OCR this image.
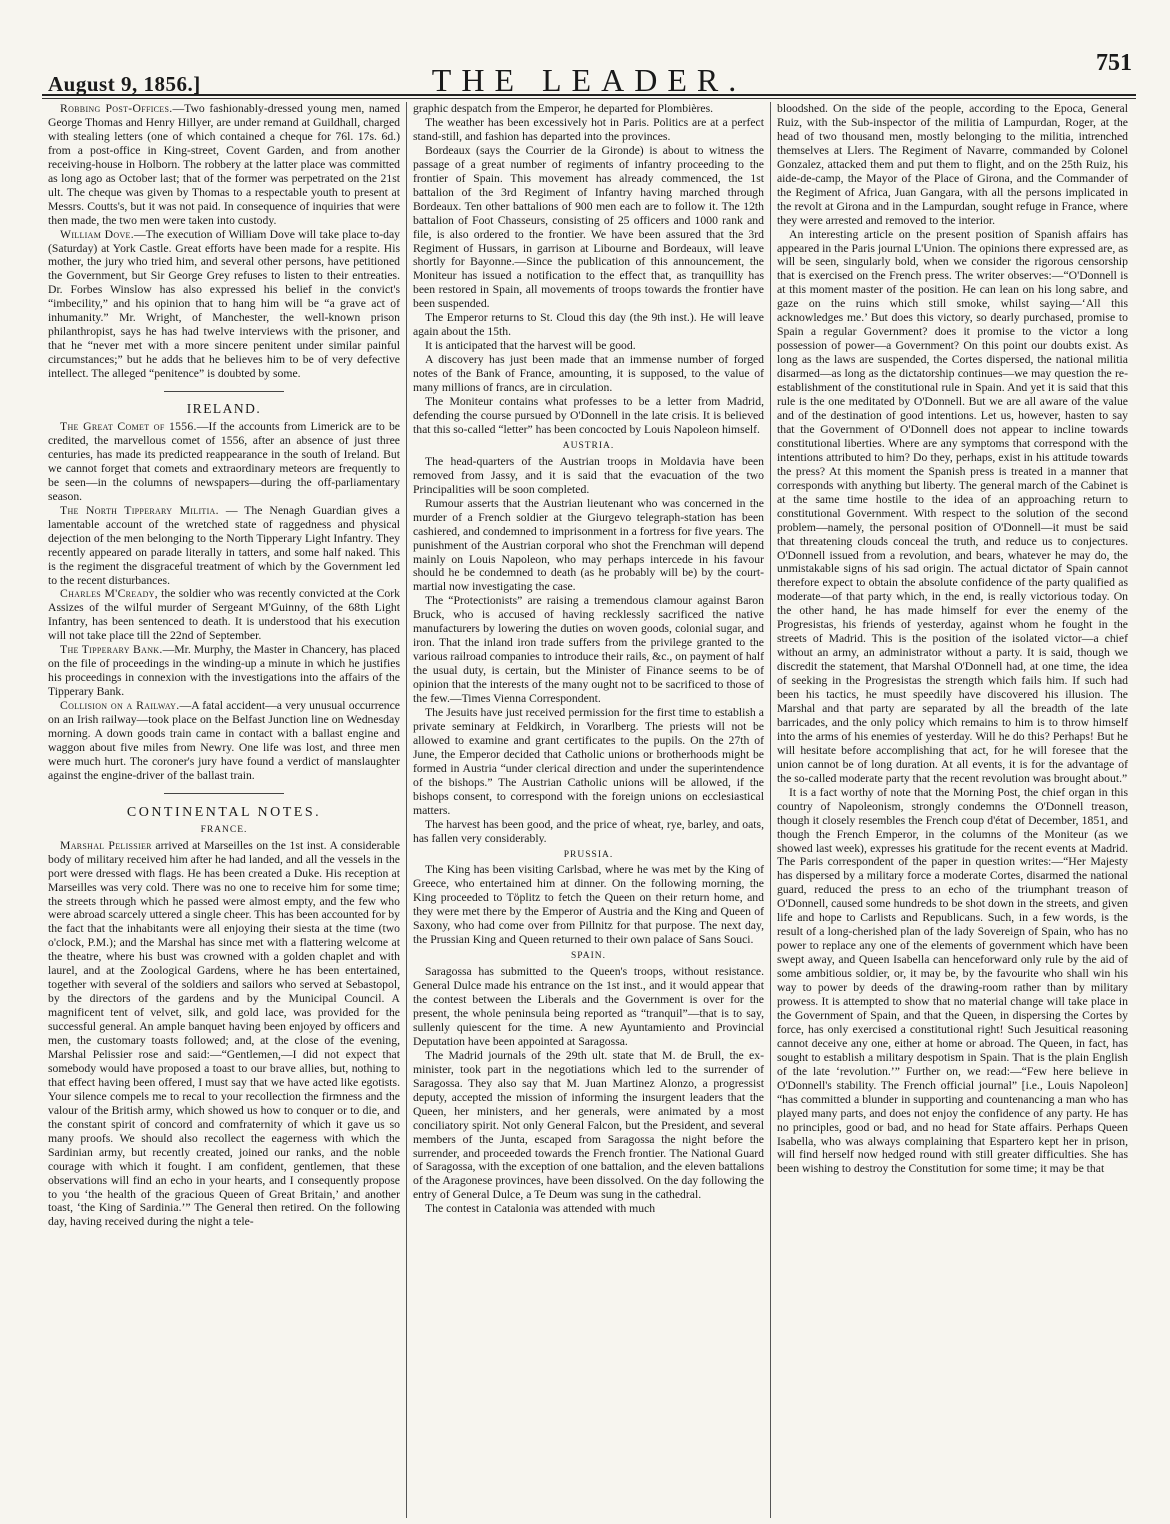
August 9, 1856.]	THE LEADER.	751

Robbing Post-Offices.—Two fashionably-dressed young men, named George Thomas and Henry Hillyer, are under remand at Guildhall, charged with stealing letters (one of which contained a cheque for 76l. 17s. 6d.) from a post-office in King-street, Covent Garden, and from another receiving-house in Holborn. The robbery at the latter place was committed as long ago as October last; that of the former was perpetrated on the 21st ult. The cheque was given by Thomas to a respectable youth to present at Messrs. Coutts's, but it was not paid. In consequence of inquiries that were then made, the two men were taken into custody.

William Dove.—The execution of William Dove will take place to-day (Saturday) at York Castle. Great efforts have been made for a respite. His mother, the jury who tried him, and several other persons, have petitioned the Government, but Sir George Grey refuses to listen to their entreaties. Dr. Forbes Winslow has also expressed his belief in the convict's “imbecility,” and his opinion that to hang him will be “a grave act of inhumanity.” Mr. Wright, of Manchester, the well-known prison philanthropist, says he has had twelve interviews with the prisoner, and that he “never met with a more sincere penitent under similar painful circumstances;” but he adds that he believes him to be of very defective intellect. The alleged “penitence” is doubted by some.

IRELAND.

The Great Comet of 1556.—If the accounts from Limerick are to be credited, the marvellous comet of 1556, after an absence of just three centuries, has made its predicted reappearance in the south of Ireland. But we cannot forget that comets and extraordinary meteors are frequently to be seen—in the columns of newspapers—during the off-parliamentary season.

The North Tipperary Militia. — The Nenagh Guardian gives a lamentable account of the wretched state of raggedness and physical dejection of the men belonging to the North Tipperary Light Infantry. They recently appeared on parade literally in tatters, and some half naked. This is the regiment the disgraceful treatment of which by the Government led to the recent disturbances.

Charles M'Cready, the soldier who was recently convicted at the Cork Assizes of the wilful murder of Sergeant M'Guinny, of the 68th Light Infantry, has been sentenced to death. It is understood that his execution will not take place till the 22nd of September.

The Tipperary Bank.—Mr. Murphy, the Master in Chancery, has placed on the file of proceedings in the winding-up a minute in which he justifies his proceedings in connexion with the investigations into the affairs of the Tipperary Bank.

Collision on a Railway.—A fatal accident—a very unusual occurrence on an Irish railway—took place on the Belfast Junction line on Wednesday morning. A down goods train came in contact with a ballast engine and waggon about five miles from Newry. One life was lost, and three men were much hurt. The coroner's jury have found a verdict of manslaughter against the engine-driver of the ballast train.

CONTINENTAL NOTES.

FRANCE.

Marshal Pelissier arrived at Marseilles on the 1st inst. A considerable body of military received him after he had landed, and all the vessels in the port were dressed with flags. He has been created a Duke. His reception at Marseilles was very cold. There was no one to receive him for some time; the streets through which he passed were almost empty, and the few who were abroad scarcely uttered a single cheer. This has been accounted for by the fact that the inhabitants were all enjoying their siesta at the time (two o'clock, P.M.); and the Marshal has since met with a flattering welcome at the theatre, where his bust was crowned with a golden chaplet and with laurel, and at the Zoological Gardens, where he has been entertained, together with several of the soldiers and sailors who served at Sebastopol, by the directors of the gardens and by the Municipal Council. A magnificent tent of velvet, silk, and gold lace, was provided for the successful general. An ample banquet having been enjoyed by officers and men, the customary toasts followed; and, at the close of the evening, Marshal Pelissier rose and said:—“Gentlemen,—I did not expect that somebody would have proposed a toast to our brave allies, but, nothing to that effect having been offered, I must say that we have acted like egotists. Your silence compels me to recal to your recollection the firmness and the valour of the British army, which showed us how to conquer or to die, and the constant spirit of concord and comfraternity of which it gave us so many proofs. We should also recollect the eagerness with which the Sardinian army, but recently created, joined our ranks, and the noble courage with which it fought. I am confident, gentlemen, that these observations will find an echo in your hearts, and I consequently propose to you ‘the health of the gracious Queen of Great Britain,’ and another toast, ‘the King of Sardinia.’” The General then retired. On the following day, having received during the night a tele-

graphic despatch from the Emperor, he departed for Plombières.

The weather has been excessively hot in Paris. Politics are at a perfect stand-still, and fashion has departed into the provinces.

Bordeaux (says the Courrier de la Gironde) is about to witness the passage of a great number of regiments of infantry proceeding to the frontier of Spain. This movement has already commenced, the 1st battalion of the 3rd Regiment of Infantry having marched through Bordeaux. Ten other battalions of 900 men each are to follow it. The 12th battalion of Foot Chasseurs, consisting of 25 officers and 1000 rank and file, is also ordered to the frontier. We have been assured that the 3rd Regiment of Hussars, in garrison at Libourne and Bordeaux, will leave shortly for Bayonne.—Since the publication of this announcement, the Moniteur has issued a notification to the effect that, as tranquillity has been restored in Spain, all movements of troops towards the frontier have been suspended.

The Emperor returns to St. Cloud this day (the 9th inst.). He will leave again about the 15th.

It is anticipated that the harvest will be good.

A discovery has just been made that an immense number of forged notes of the Bank of France, amounting, it is supposed, to the value of many millions of francs, are in circulation.

The Moniteur contains what professes to be a letter from Madrid, defending the course pursued by O'Donnell in the late crisis. It is believed that this so-called “letter” has been concocted by Louis Napoleon himself.

AUSTRIA.

The head-quarters of the Austrian troops in Moldavia have been removed from Jassy, and it is said that the evacuation of the two Principalities will be soon completed.

Rumour asserts that the Austrian lieutenant who was concerned in the murder of a French soldier at the Giurgevo telegraph-station has been cashiered, and condemned to imprisonment in a fortress for five years. The punishment of the Austrian corporal who shot the Frenchman will depend mainly on Louis Napoleon, who may perhaps intercede in his favour should he be condemned to death (as he probably will be) by the court-martial now investigating the case.

The “Protectionists” are raising a tremendous clamour against Baron Bruck, who is accused of having recklessly sacrificed the native manufacturers by lowering the duties on woven goods, colonial sugar, and iron. That the inland iron trade suffers from the privilege granted to the various railroad companies to introduce their rails, &c., on payment of half the usual duty, is certain, but the Minister of Finance seems to be of opinion that the interests of the many ought not to be sacrificed to those of the few.—Times Vienna Correspondent.

The Jesuits have just received permission for the first time to establish a private seminary at Feldkirch, in Vorarlberg. The priests will not be allowed to examine and grant certificates to the pupils. On the 27th of June, the Emperor decided that Catholic unions or brotherhoods might be formed in Austria “under clerical direction and under the superintendence of the bishops.” The Austrian Catholic unions will be allowed, if the bishops consent, to correspond with the foreign unions on ecclesiastical matters.

The harvest has been good, and the price of wheat, rye, barley, and oats, has fallen very considerably.

PRUSSIA.

The King has been visiting Carlsbad, where he was met by the King of Greece, who entertained him at dinner. On the following morning, the King proceeded to Töplitz to fetch the Queen on their return home, and they were met there by the Emperor of Austria and the King and Queen of Saxony, who had come over from Pillnitz for that purpose. The next day, the Prussian King and Queen returned to their own palace of Sans Souci.

SPAIN.

Saragossa has submitted to the Queen's troops, without resistance. General Dulce made his entrance on the 1st inst., and it would appear that the contest between the Liberals and the Government is over for the present, the whole peninsula being reported as “tranquil”—that is to say, sullenly quiescent for the time. A new Ayuntamiento and Provincial Deputation have been appointed at Saragossa.

The Madrid journals of the 29th ult. state that M. de Brull, the ex-minister, took part in the negotiations which led to the surrender of Saragossa. They also say that M. Juan Martinez Alonzo, a progressist deputy, accepted the mission of informing the insurgent leaders that the Queen, her ministers, and her generals, were animated by a most conciliatory spirit. Not only General Falcon, but the President, and several members of the Junta, escaped from Saragossa the night before the surrender, and proceeded towards the French frontier. The National Guard of Saragossa, with the exception of one battalion, and the eleven battalions of the Aragonese provinces, have been dissolved. On the day following the entry of General Dulce, a Te Deum was sung in the cathedral.

The contest in Catalonia was attended with much

bloodshed. On the side of the people, according to the Epoca, General Ruiz, with the Sub-inspector of the militia of Lampurdan, Roger, at the head of two thousand men, mostly belonging to the militia, intrenched themselves at Llers. The Regiment of Navarre, commanded by Colonel Gonzalez, attacked them and put them to flight, and on the 25th Ruiz, his aide-de-camp, the Mayor of the Place of Girona, and the Commander of the Regiment of Africa, Juan Gangara, with all the persons implicated in the revolt at Girona and in the Lampurdan, sought refuge in France, where they were arrested and removed to the interior.

An interesting article on the present position of Spanish affairs has appeared in the Paris journal L'Union. The opinions there expressed are, as will be seen, singularly bold, when we consider the rigorous censorship that is exercised on the French press. The writer observes:—“O'Donnell is at this moment master of the position. He can lean on his long sabre, and gaze on the ruins which still smoke, whilst saying—‘All this acknowledges me.’ But does this victory, so dearly purchased, promise to Spain a regular Government? does it promise to the victor a long possession of power—a Government? On this point our doubts exist. As long as the laws are suspended, the Cortes dispersed, the national militia disarmed—as long as the dictatorship continues—we may question the re-establishment of the constitutional rule in Spain. And yet it is said that this rule is the one meditated by O'Donnell. But we are all aware of the value and of the destination of good intentions. Let us, however, hasten to say that the Government of O'Donnell does not appear to incline towards constitutional liberties. Where are any symptoms that correspond with the intentions attributed to him? Do they, perhaps, exist in his attitude towards the press? At this moment the Spanish press is treated in a manner that corresponds with anything but liberty. The general march of the Cabinet is at the same time hostile to the idea of an approaching return to constitutional Government. With respect to the solution of the second problem—namely, the personal position of O'Donnell—it must be said that threatening clouds conceal the truth, and reduce us to conjectures. O'Donnell issued from a revolution, and bears, whatever he may do, the unmistakable signs of his sad origin. The actual dictator of Spain cannot therefore expect to obtain the absolute confidence of the party qualified as moderate—of that party which, in the end, is really victorious today. On the other hand, he has made himself for ever the enemy of the Progresistas, his friends of yesterday, against whom he fought in the streets of Madrid. This is the position of the isolated victor—a chief without an army, an administrator without a party. It is said, though we discredit the statement, that Marshal O'Donnell had, at one time, the idea of seeking in the Progresistas the strength which fails him. If such had been his tactics, he must speedily have discovered his illusion. The Marshal and that party are separated by all the breadth of the late barricades, and the only policy which remains to him is to throw himself into the arms of his enemies of yesterday. Will he do this? Perhaps! But he will hesitate before accomplishing that act, for he will foresee that the union cannot be of long duration. At all events, it is for the advantage of the so-called moderate party that the recent revolution was brought about.”

It is a fact worthy of note that the Morning Post, the chief organ in this country of Napoleonism, strongly condemns the O'Donnell treason, though it closely resembles the French coup d'état of December, 1851, and though the French Emperor, in the columns of the Moniteur (as we showed last week), expresses his gratitude for the recent events at Madrid. The Paris correspondent of the paper in question writes:—“Her Majesty has dispersed by a military force a moderate Cortes, disarmed the national guard, reduced the press to an echo of the triumphant treason of O'Donnell, caused some hundreds to be shot down in the streets, and given life and hope to Carlists and Republicans. Such, in a few words, is the result of a long-cherished plan of the lady Sovereign of Spain, who has no power to replace any one of the elements of government which have been swept away, and Queen Isabella can henceforward only rule by the aid of some ambitious soldier, or, it may be, by the favourite who shall win his way to power by deeds of the drawing-room rather than by military prowess. It is attempted to show that no material change will take place in the Government of Spain, and that the Queen, in dispersing the Cortes by force, has only exercised a constitutional right! Such Jesuitical reasoning cannot deceive any one, either at home or abroad. The Queen, in fact, has sought to establish a military despotism in Spain. That is the plain English of the late ‘revolution.’” Further on, we read:—“Few here believe in O'Donnell's stability. The French official journal” [i.e., Louis Napoleon] “has committed a blunder in supporting and countenancing a man who has played many parts, and does not enjoy the confidence of any party. He has no principles, good or bad, and no head for State affairs. Perhaps Queen Isabella, who was always complaining that Espartero kept her in prison, will find herself now hedged round with still greater difficulties. She has been wishing to destroy the Constitution for some time; it may be that
